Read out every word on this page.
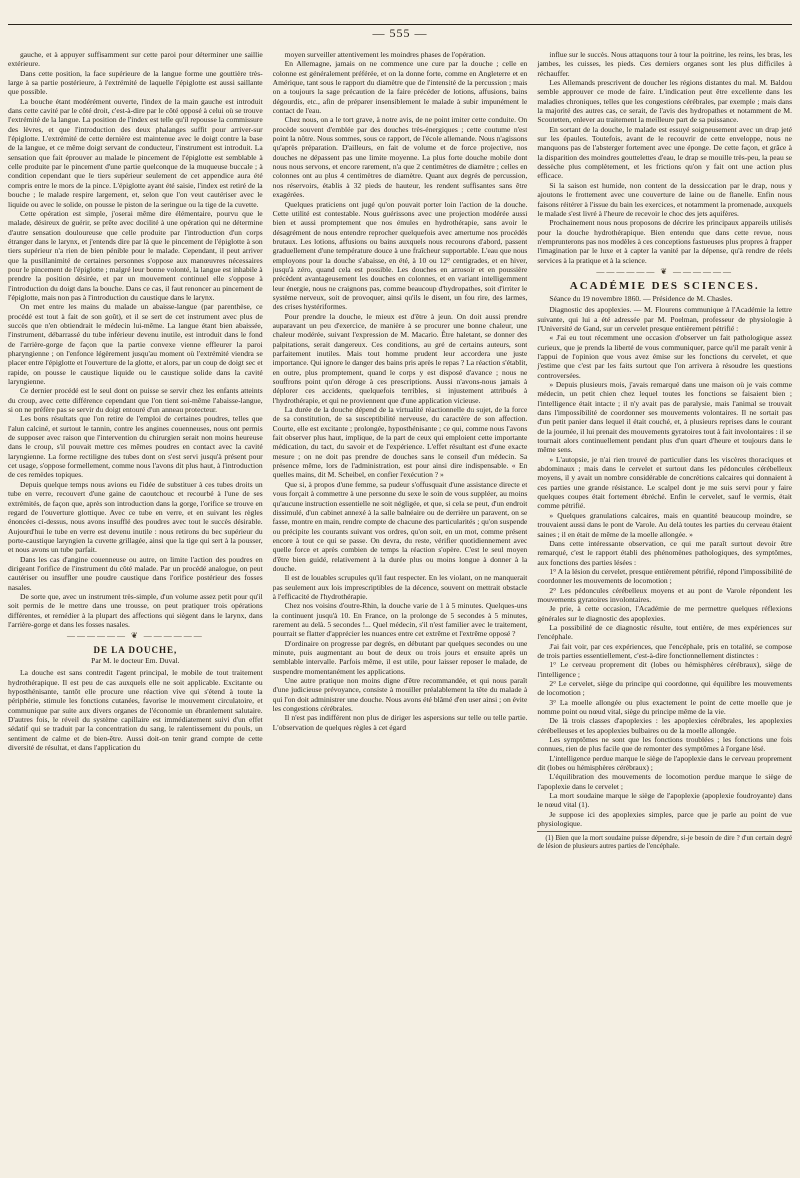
— 555 —

gauche, et à appuyer suffisamment sur cette paroi pour déterminer une saillie extérieure.

Dans cette position, la face supérieure de la langue forme une gouttière très-large à sa partie postérieure, à l'extrémité de laquelle l'épiglotte est aussi saillante que possible.

La bouche étant modérément ouverte, l'index de la main gauche est introduit dans cette cavité par le côté droit, c'est-à-dire par le côté opposé à celui où se trouve l'extrémité de la langue. La position de l'index est telle qu'il repousse la commissure des lèvres, et que l'introduction des deux phalanges suffit pour arriver-sur l'épiglotte. L'extrémité de cette dernière est maintenue avec le doigt contre la base de la langue, et ce même doigt servant de conducteur, l'instrument est introduit. La sensation que fait éprouver au malade le pincement de l'épiglotte est semblable à celle produite par le pincement d'une partie quelconque de la muqueuse buccale ; à condition cependant que le tiers supérieur seulement de cet appendice aura été compris entre le mors de la pince. L'épiglotte ayant été saisie, l'index est retiré de la bouche ; le malade respire largement, et, selon que l'on veut cautériser avec le liquide ou avec le solide, on pousse le piston de la seringue ou la tige de la cuvette.

Cette opération est simple, j'oserai même dire élémentaire, pourvu que le malade, désireux de guérir, se prête avec docilité à une opération qui ne détermine d'autre sensation douloureuse que celle produite par l'introduction d'un corps étranger dans le larynx, et j'entends dire par là que le pincement de l'épiglotte à son tiers supérieur n'a rien de bien pénible pour le malade. Cependant, il peut arriver que la pusillanimité de certaines personnes s'oppose aux manœuvres nécessaires pour le pincement de l'épiglotte ; malgré leur bonne volonté, la langue est inhabile à prendre la position désirée, et par un mouvement continuel elle s'oppose à l'introduction du doigt dans la bouche. Dans ce cas, il faut renoncer au pincement de l'épiglotte, mais non pas à l'introduction du caustique dans le larynx.

On met entre les mains du malade un abaisse-langue (par parenthèse, ce procédé est tout à fait de son goût), et il se sert de cet instrument avec plus de succès que n'en obtiendrait le médecin lui-même. La langue étant bien abaissée, l'instrument, débarrassé du tube inférieur devenu inutile, est introduit dans le fond de l'arrière-gorge de façon que la partie convexe vienne effleurer la paroi pharyngienne ; on l'enfonce légèrement jusqu'au moment où l'extrémité viendra se placer entre l'épiglotte et l'ouverture de la glotte, et alors, par un coup de doigt sec et rapide, on pousse le caustique liquide ou le caustique solide dans la cavité laryngienne.

Ce dernier procédé est le seul dont on puisse se servir chez les enfants atteints du croup, avec cette différence cependant que l'on tient soi-même l'abaisse-langue, si on ne préfère pas se servir du doigt entouré d'un anneau protecteur.

Les bons résultats que l'on retire de l'emploi de certaines poudres, telles que l'alun calciné, et surtout le tannin, contre les angines couenneuses, nous ont permis de supposer avec raison que l'intervention du chirurgien serait non moins heureuse dans le croup, s'il pouvait mettre ces mêmes poudres en contact avec la cavité laryngienne. La forme rectiligne des tubes dont on s'est servi jusqu'à présent pour cet usage, s'oppose formellement, comme nous l'avons dit plus haut, à l'introduction de ces remèdes topiques.

Depuis quelque temps nous avions eu l'idée de substituer à ces tubes droits un tube en verre, recouvert d'une gaine de caoutchouc et recourbé à l'une de ses extrémités, de façon que, après son introduction dans la gorge, l'orifice se trouve en regard de l'ouverture glottique. Avec ce tube en verre, et en suivant les règles énoncées ci-dessus, nous avons insufflé des poudres avec tout le succès désirable. Aujourd'hui le tube en verre est devenu inutile : nous retirons du bec supérieur du porte-caustique laryngien la cuvette grillagée, ainsi que la tige qui sert à la pousser, et nous avons un tube parfait.

Dans les cas d'angine couenneuse ou autre, on limite l'action des poudres en dirigeant l'orifice de l'instrument du côté malade. Par un procédé analogue, on peut cautériser ou insuffler une poudre caustique dans l'orifice postérieur des fosses nasales.

De sorte que, avec un instrument très-simple, d'un volume assez petit pour qu'il soit permis de le mettre dans une trousse, on peut pratiquer trois opérations différentes, et remédier à la plupart des affections qui siègent dans le larynx, dans l'arrière-gorge et dans les fosses nasales.

—————— ❦ ——————
DE LA DOUCHE,
Par M. le docteur Em. Duval.

La douche est sans contredit l'agent principal, le mobile de tout traitement hydrothérapique. Il est peu de cas auxquels elle ne soit applicable. Excitante ou hyposthénisante, tantôt elle procure une réaction vive qui s'étend à toute la périphérie, stimule les fonctions cutanées, favorise le mouvement circulatoire, et communique par suite aux divers organes de l'économie un ébranlement salutaire. D'autres fois, le réveil du système capillaire est immédiatement suivi d'un effet sédatif qui se traduit par la concentration du sang, le ralentissement du pouls, un sentiment de calme et de bien-être. Aussi doit-on tenir grand compte de cette diversité de résultat, et dans l'application du

moyen surveiller attentivement les moindres phases de l'opération.

En Allemagne, jamais on ne commence une cure par la douche ; celle en colonne est généralement préférée, et on la donne forte, comme en Angleterre et en Amérique, tant sous le rapport du diamètre que de l'intensité de la percussion ; mais on a toujours la sage précaution de la faire précéder de lotions, affusions, bains dégourdis, etc., afin de préparer insensiblement le malade à subir impunément le contact de l'eau.

Chez nous, on a le tort grave, à notre avis, de ne point imiter cette conduite. On procède souvent d'emblée par des douches très-énergiques ; cette coutume n'est point la nôtre. Nous sommes, sous ce rapport, de l'école allemande. Nous n'agissons qu'après préparation. D'ailleurs, en fait de volume et de force projective, nos douches ne dépassent pas une limite moyenne. La plus forte douche mobile dont nous nous servons, et encore rarement, n'a que 2 centimètres de diamètre ; celles en colonnes ont au plus 4 centimètres de diamètre. Quant aux degrés de percussion, nos réservoirs, établis à 32 pieds de hauteur, les rendent suffisantes sans être exagérées.

Quelques praticiens ont jugé qu'on pouvait porter loin l'action de la douche. Cette utilité est contestable. Nous guérissons avec une projection modérée aussi bien et aussi promptement que nos émules en hydrothérapie, sans avoir le désagrément de nous entendre reprocher quelquefois avec amertume nos procédés brutaux. Les lotions, affusions ou bains auxquels nous recourons d'abord, passent graduellement d'une température douce à une fraîcheur supportable. L'eau que nous employons pour la douche s'abaisse, en été, à 10 ou 12° centigrades, et en hiver, jusqu'à zéro, quand cela est possible. Les douches en arrosoir et en poussière précèdent avantageusement les douches en colonnes, et en variant intelligemment leur énergie, nous ne craignons pas, comme beaucoup d'hydropathes, soit d'irriter le système nerveux, soit de provoquer, ainsi qu'ils le disent, un fou rire, des larmes, des crises hystériformes.

Pour prendre la douche, le mieux est d'être à jeun. On doit aussi prendre auparavant un peu d'exercice, de manière à se procurer une bonne chaleur, une chaleur modérée, suivant l'expression de M. Macario. Être haletant, se donner des palpitations, serait dangereux. Ces conditions, au gré de certains auteurs, sont parfaitement inutiles. Mais tout homme prudent leur accordera une juste importance. Qui ignore le danger des bains pris après le repas ? La réaction s'établit, en outre, plus promptement, quand le corps y est disposé d'avance ; nous ne souffrons point qu'on déroge à ces prescriptions. Aussi n'avons-nous jamais à déplorer ces accidents, quelquefois terribles, si injustement attribués à l'hydrothérapie, et qui ne proviennent que d'une application vicieuse.

La durée de la douche dépend de la virtualité réactionnelle du sujet, de la force de sa constitution, de sa susceptibilité nerveuse, du caractère de son affection. Courte, elle est excitante ; prolongée, hyposthénisante ; ce qui, comme nous l'avons fait observer plus haut, implique, de la part de ceux qui emploient cette importante médication, du tact, du savoir et de l'expérience. L'effet résultant est d'une exacte mesure ; on ne doit pas prendre de douches sans le conseil d'un médecin. Sa présence même, lors de l'administration, est pour ainsi dire indispensable. « En quelles mains, dit M. Scheibel, en confier l'exécution ? »

Que si, à propos d'une femme, sa pudeur s'offusquait d'une assistance directe et vous forçait à commettre à une personne du sexe le soin de vous suppléer, au moins qu'aucune instruction essentielle ne soit négligée, et que, si cela se peut, d'un endroit dissimulé, d'un cabinet annexé à la salle balnéaire ou de derrière un paravent, on se fasse, montre en main, rendre compte de chacune des particularités ; qu'on suspende ou précipite les courants suivant vos ordres, qu'on soit, en un mot, comme présent encore à tout ce qui se passe. On devra, du reste, vérifier quotidiennement avec quelle force et après combien de temps la réaction s'opère. C'est le seul moyen d'être bien guidé, relativement à la durée plus ou moins longue à donner à la douche.

Il est de louables scrupules qu'il faut respecter. En les violant, on ne manquerait pas seulement aux lois imprescriptibles de la décence, souvent on mettrait obstacle à l'efficacité de l'hydrothérapie.

Chez nos voisins d'outre-Rhin, la douche varie de 1 à 5 minutes. Quelques-uns la continuent jusqu'à 10. En France, on la prolonge de 5 secondes à 5 minutes, rarement au delà. 5 secondes !... Quel médecin, s'il n'est familier avec le traitement, pourrait se flatter d'apprécier les nuances entre cet extrême et l'extrême opposé ?

D'ordinaire on progresse par degrés, en débutant par quelques secondes ou une minute, puis augmentant au bout de deux ou trois jours et ensuite après un semblable intervalle. Parfois même, il est utile, pour laisser reposer le malade, de suspendre momentanément les applications.

Une autre pratique non moins digne d'être recommandée, et qui nous paraît d'une judicieuse prévoyance, consiste à mouiller préalablement la tête du malade à qui l'on doit administrer une douche. Nous avons été blâmé d'en user ainsi ; on évite les congestions cérébrales.

Il n'est pas indifférent non plus de diriger les aspersions sur telle ou telle partie. L'observation de quelques règles à cet égard

influe sur le succès. Nous attaquons tour à tour la poitrine, les reins, les bras, les jambes, les cuisses, les pieds. Ces derniers organes sont les plus difficiles à réchauffer.

Les Allemands prescrivent de doucher les régions distantes du mal. M. Baldou semble approuver ce mode de faire. L'indication peut être excellente dans les maladies chroniques, telles que les congestions cérébrales, par exemple ; mais dans la majorité des autres cas, ce serait, de l'avis des hydropathes et notamment de M. Scoutetten, enlever au traitement la meilleure part de sa puissance.

En sortant de la douche, le malade est essuyé soigneusement avec un drap jeté sur les épaules. Toutefois, avant de le recouvrir de cette enveloppe, nous ne manquons pas de l'absterger fortement avec une éponge. De cette façon, et grâce à la disparition des moindres gouttelettes d'eau, le drap se mouille très-peu, la peau se dessèche plus complètement, et les frictions qu'on y fait ont une action plus efficace.

Si la saison est humide, non content de la dessiccation par le drap, nous y ajoutons le frottement avec une couverture de laine ou de flanelle. Enfin nous faisons réitérer à l'issue du bain les exercices, et notamment la promenade, auxquels le malade s'est livré à l'heure de recevoir le choc des jets aquifères.

Prochainement nous nous proposons de décrire les principaux appareils utilisés pour la douche hydrothérapique. Bien entendu que dans cette revue, nous n'emprunterons pas nos modèles à ces conceptions fastueuses plus propres à frapper l'imagination par le luxe et à capter la vanité par la dépense, qu'à rendre de réels services à la pratique et à la science.

—————— ❦ ——————
ACADÉMIE DES SCIENCES.
Séance du 19 novembre 1860. — Présidence de M. Chasles.

Diagnostic des apoplexies. — M. Flourens communique à l'Académie la lettre suivante, qui lui a été adressée par M. Poelman, professeur de physiologie à l'Université de Gand, sur un cervelet presque entièrement pétrifié :

« J'ai eu tout récemment une occasion d'observer un fait pathologique assez curieux, que je prends la liberté de vous communiquer, parce qu'il me paraît venir à l'appui de l'opinion que vous avez émise sur les fonctions du cervelet, et que j'estime que c'est par les faits surtout que l'on arrivera à résoudre les questions controversées.

» Depuis plusieurs mois, j'avais remarqué dans une maison où je vais comme médecin, un petit chien chez lequel toutes les fonctions se faisaient bien ; l'intelligence était intacte ; il n'y avait pas de paralysie, mais l'animal se trouvait dans l'impossibilité de coordonner ses mouvements volontaires. Il ne sortait pas d'un petit panier dans lequel il était couché, et, à plusieurs reprises dans le courant de la journée, il lui prenait des mouvements gyratoires tout à fait involontaires : il se tournait alors continuellement pendant plus d'un quart d'heure et toujours dans le même sens.

» L'autopsie, je n'ai rien trouvé de particulier dans les viscères thoraciques et abdominaux ; mais dans le cervelet et surtout dans les pédoncules cérébelleux moyens, il y avait un nombre considérable de concrétions calcaires qui donnaient à ces parties une grande résistance. Le scalpel dont je me suis servi pour y faire quelques coupes était fortement ébréché. Enfin le cervelet, sauf le vermis, était comme pétrifié.

» Quelques granulations calcaires, mais en quantité beaucoup moindre, se trouvaient aussi dans le pont de Varole. Au delà toutes les parties du cerveau étaient saines ; il en était de même de la moelle allongée. »

Dans cette intéressante observation, ce qui me paraît surtout devoir être remarqué, c'est le rapport établi des phénomènes pathologiques, des symptômes, aux fonctions des parties lésées :

1° A la lésion du cervelet, presque entièrement pétrifié, répond l'impossibilité de coordonner les mouvements de locomotion ;

2° Les pédoncules cérébelleux moyens et au pont de Varole répondent les mouvements gyratoires involontaires.

Je prie, à cette occasion, l'Académie de me permettre quelques réflexions générales sur le diagnostic des apoplexies.

La possibilité de ce diagnostic résulte, tout entière, de mes expériences sur l'encéphale.

J'ai fait voir, par ces expériences, que l'encéphale, pris en totalité, se compose de trois parties essentiellement, c'est-à-dire fonctionnellement distinctes :

1° Le cerveau proprement dit (lobes ou hémisphères cérébraux), siège de l'intelligence ;

2° Le cervelet, siège du principe qui coordonne, qui équilibre les mouvements de locomotion ;

3° La moelle allongée ou plus exactement le point de cette moelle que je nomme point ou nœud vital, siège du principe même de la vie.

De là trois classes d'apoplexies : les apoplexies cérébrales, les apoplexies cérébelleuses et les apoplexies bulbaires ou de la moelle allongée.

Les symptômes ne sont que les fonctions troublées ; les fonctions une fois connues, rien de plus facile que de remonter des symptômes à l'organe lésé.

L'intelligence perdue marque le siège de l'apoplexie dans le cerveau proprement dit (lobes ou hémisphères cérébraux) ;

L'équilibration des mouvements de locomotion perdue marque le siège de l'apoplexie dans le cervelet ;

La mort soudaine marque le siège de l'apoplexie (apoplexie foudroyante) dans le nœud vital (1).

Je suppose ici des apoplexies simples, parce que je parle au point de vue physiologique.

(1) Bien que la mort soudaine puisse dépendre, si-je besoin de dire ? d'un certain degré de lésion de plusieurs autres parties de l'encéphale.
